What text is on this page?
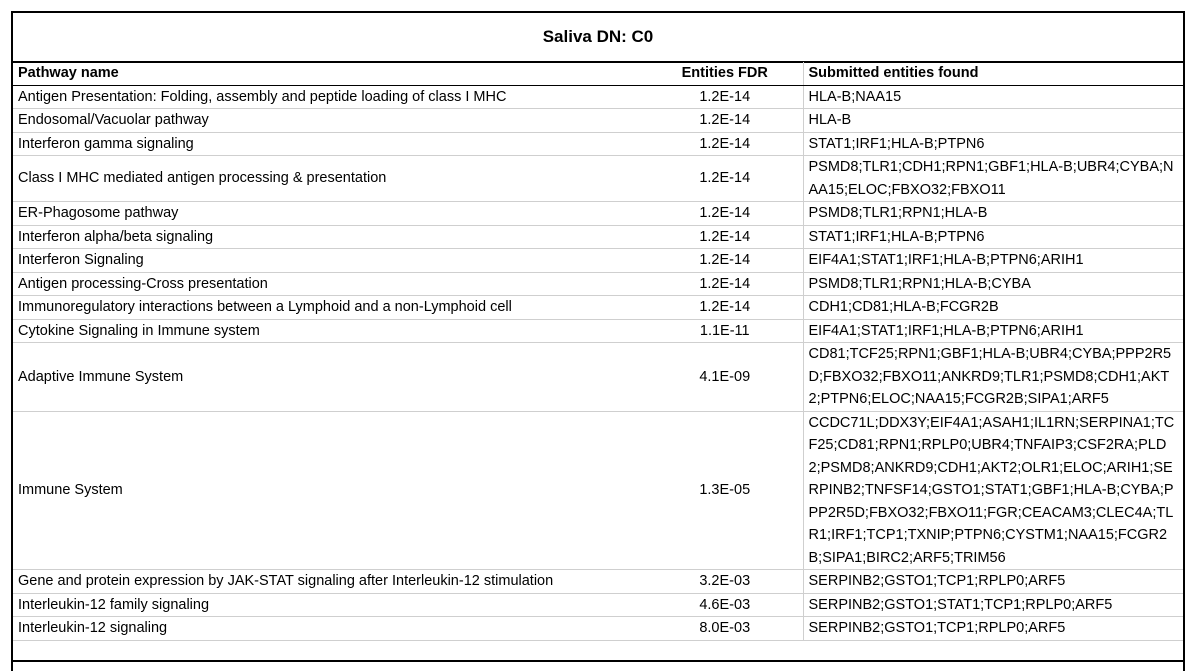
Saliva DN: C0
Pathway name	Entities FDR	Submitted entities found
Antigen Presentation: Folding, assembly and peptide loading of class I MHC	1.2E-14	HLA-B;NAA15
Endosomal/Vacuolar pathway	1.2E-14	HLA-B
Interferon gamma signaling	1.2E-14	STAT1;IRF1;HLA-B;PTPN6
Class I MHC mediated antigen processing & presentation	1.2E-14	PSMD8;TLR1;CDH1;RPN1;GBF1;HLA-B;UBR4;CYBA;NAA15;ELOC;FBXO32;FBXO11
ER-Phagosome pathway	1.2E-14	PSMD8;TLR1;RPN1;HLA-B
Interferon alpha/beta signaling	1.2E-14	STAT1;IRF1;HLA-B;PTPN6
Interferon Signaling	1.2E-14	EIF4A1;STAT1;IRF1;HLA-B;PTPN6;ARIH1
Antigen processing-Cross presentation	1.2E-14	PSMD8;TLR1;RPN1;HLA-B;CYBA
Immunoregulatory interactions between a Lymphoid and a non-Lymphoid cell	1.2E-14	CDH1;CD81;HLA-B;FCGR2B
Cytokine Signaling in Immune system	1.1E-11	EIF4A1;STAT1;IRF1;HLA-B;PTPN6;ARIH1
Adaptive Immune System	4.1E-09	CD81;TCF25;RPN1;GBF1;HLA-B;UBR4;CYBA;PPP2R5D;FBXO32;FBXO11;ANKRD9;TLR1;PSMD8;CDH1;AKT2;PTPN6;ELOC;NAA15;FCGR2B;SIPA1;ARF5
Immune System	1.3E-05	CCDC71L;DDX3Y;EIF4A1;ASAH1;IL1RN;SERPINA1;TCF25;CD81;RPN1;RPLP0;UBR4;TNFAIP3;CSF2RA;PLD2;PSMD8;ANKRD9;CDH1;AKT2;OLR1;ELOC;ARIH1;SERPINB2;TNFSF14;GSTO1;STAT1;GBF1;HLA-B;CYBA;PPP2R5D;FBXO32;FBXO11;FGR;CEACAM3;CLEC4A;TLR1;IRF1;TCP1;TXNIP;PTPN6;CYSTM1;NAA15;FCGR2B;SIPA1;BIRC2;ARF5;TRIM56
Gene and protein expression by JAK-STAT signaling after Interleukin-12 stimulation	3.2E-03	SERPINB2;GSTO1;TCP1;RPLP0;ARF5
Interleukin-12 family signaling	4.6E-03	SERPINB2;GSTO1;STAT1;TCP1;RPLP0;ARF5
Interleukin-12 signaling	8.0E-03	SERPINB2;GSTO1;TCP1;RPLP0;ARF5
